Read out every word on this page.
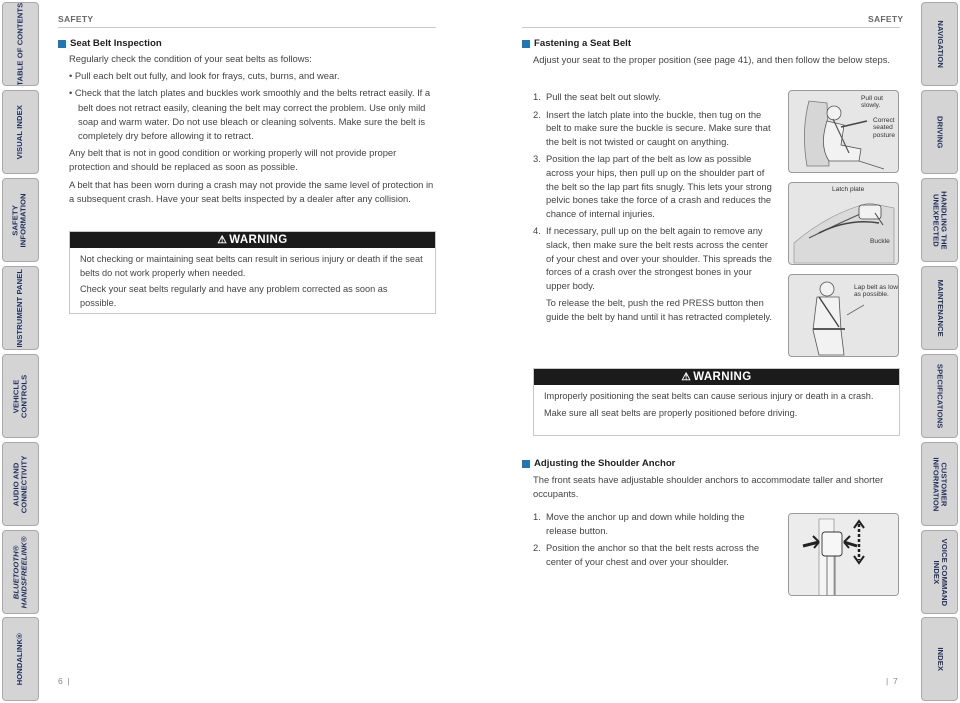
TABLE OF CONTENTS
VISUAL INDEX
SAFETY
INFORMATION
INSTRUMENT PANEL
VEHICLE
CONTROLS
AUDIO AND
CONNECTIVITY
BLUETOOTH®
HANDSFREELINK®
HONDALINK®
NAVIGATION
DRIVING
HANDLING THE
UNEXPECTED
MAINTENANCE
SPECIFICATIONS
CUSTOMER
INFORMATION
VOICE COMMAND
INDEX
INDEX
SAFETY
Seat Belt Inspection

Regularly check the condition of your seat belts as follows:

• Pull each belt out fully, and look for frays, cuts, burns, and wear.

• Check that the latch plates and buckles work smoothly and the belts retract easily. If a belt does not retract easily, cleaning the belt may correct the problem. Use only mild soap and warm water. Do not use bleach or cleaning solvents. Make sure the belt is completely dry before allowing it to retract.

Any belt that is not in good condition or working properly will not provide proper protection and should be replaced as soon as possible.

A belt that has been worn during a crash may not provide the same level of protection in a subsequent crash. Have your seat belts inspected by a dealer after any collision.

⚠ WARNING

Not checking or maintaining seat belts can result in serious injury or death if the seat belts do not work properly when needed.

Check your seat belts regularly and have any problem corrected as soon as possible.

6  |
SAFETY
Fastening a Seat Belt
Adjust your seat to the proper position (see page 41), and then follow the below steps.
1. Pull the seat belt out slowly.
2. Insert the latch plate into the buckle, then tug on the belt to make sure the buckle is secure. Make sure that the belt is not twisted or caught on anything.
3. Position the lap part of the belt as low as possible across your hips, then pull up on the shoulder part of the belt so the lap part fits snugly. This lets your strong pelvic bones take the force of a crash and reduces the chance of internal injuries.
4. If necessary, pull up on the belt again to remove any slack, then make sure the belt rests across the center of your chest and over your shoulder. This spreads the forces of a crash over the strongest bones in your upper body.
To release the belt, push the red PRESS button then guide the belt by hand until it has retracted completely.
Pull out slowly.
Correct seated posture
Latch plate
Buckle
Lap belt as low as possible.
⚠ WARNING

Improperly positioning the seat belts can cause serious injury or death in a crash.

Make sure all seat belts are properly positioned before driving.

Adjusting the Shoulder Anchor
The front seats have adjustable shoulder anchors to accommodate taller and shorter occupants.
1. Move the anchor up and down while holding the release button.
2. Position the anchor so that the belt rests across the center of your chest and over your shoulder.
|  7
